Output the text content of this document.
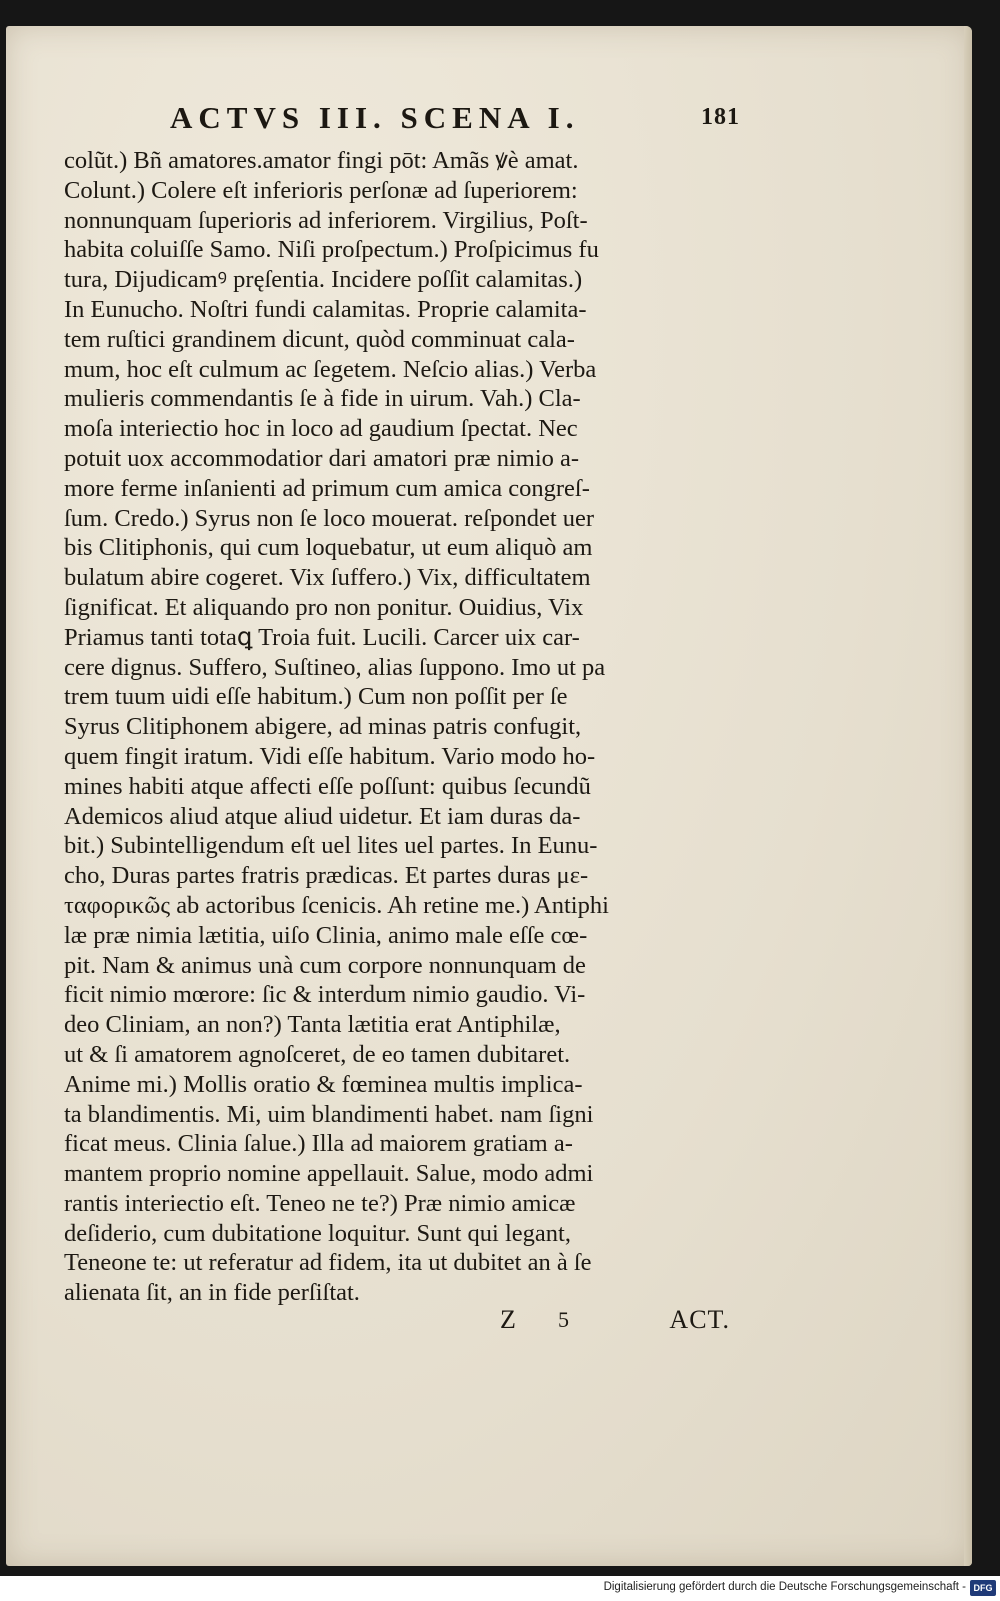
ACTVS III. SCENA I.	181
colũt.) Bñ amatores.amator fingi pōt: Amãs ꝟè amat.
Colunt.) Colere eſt inferioris perſonæ ad ſuperiorem:
nonnunquam ſuperioris ad inferiorem. Virgilius, Poſt-
habita coluiſſe Samo. Niſi proſpectum.) Proſpicimus fu
tura, Dĳudicamꝰ pręſentia. Incidere poſſit calamitas.)
In Eunucho. Noſtri fundi calamitas. Proprie calamita-
tem ruſtici grandinem dicunt, quòd comminuat cala-
mum, hoc eſt culmum ac ſegetem. Neſcio alias.) Verba
mulieris commendantis ſe à fide in uirum. Vah.) Cla-
moſa interiectio hoc in loco ad gaudium ſpectat. Nec
potuit uox accommodatior dari amatori præ nimio a-
more ferme inſanienti ad primum cum amica congreſ-
ſum. Credo.) Syrus non ſe loco mouerat. reſpondet uer
bis Clitiphonis, qui cum loquebatur, ut eum aliquò am
bulatum abire cogeret. Vix ſuffero.) Vix, difficultatem
ſignificat. Et aliquando pro non ponitur. Ouidius, Vix
Priamus tanti totaꝗ Troia fuit. Lucili. Carcer uix car-
cere dignus. Suffero, Suſtineo, alias ſuppono. Imo ut pa
trem tuum uidi eſſe habitum.) Cum non poſſit per ſe
Syrus Clitiphonem abigere, ad minas patris confugit,
quem fingit iratum. Vidi eſſe habitum. Vario modo ho-
mines habiti atque affecti eſſe poſſunt: quibus ſecundũ
Ademicos aliud atque aliud uidetur. Et iam duras da-
bit.) Subintelligendum eſt uel lites uel partes. In Eunu-
cho, Duras partes fratris prædicas. Et partes duras με-
ταφορικῶς ab actoribus ſcenicis. Ah retine me.) Antiphi
læ præ nimia lætitia, uiſo Clinia, animo male eſſe cœ-
pit. Nam & animus unà cum corpore nonnunquam de
ficit nimio mœrore: ſic & interdum nimio gaudio. Vi-
deo Cliniam, an non?) Tanta lætitia erat Antiphilæ,
ut & ſi amatorem agnoſceret, de eo tamen dubitaret.
Anime mi.) Mollis oratio & fœminea multis implica-
ta blandimentis. Mi, uim blandimenti habet. nam ſigni
ficat meus. Clinia ſalue.) Illa ad maiorem gratiam a-
mantem proprio nomine appellauit. Salue, modo admi
rantis interiectio eſt. Teneo ne te?) Præ nimio amicæ
deſiderio, cum dubitatione loquitur. Sunt qui legant,
Teneone te: ut referatur ad fidem, ita ut dubitet an à ſe
alienata ſit, an in fide perſiſtat.
Z 5	ACT.
Digitalisierung gefördert durch die Deutsche Forschungsgemeinschaft - DFG
